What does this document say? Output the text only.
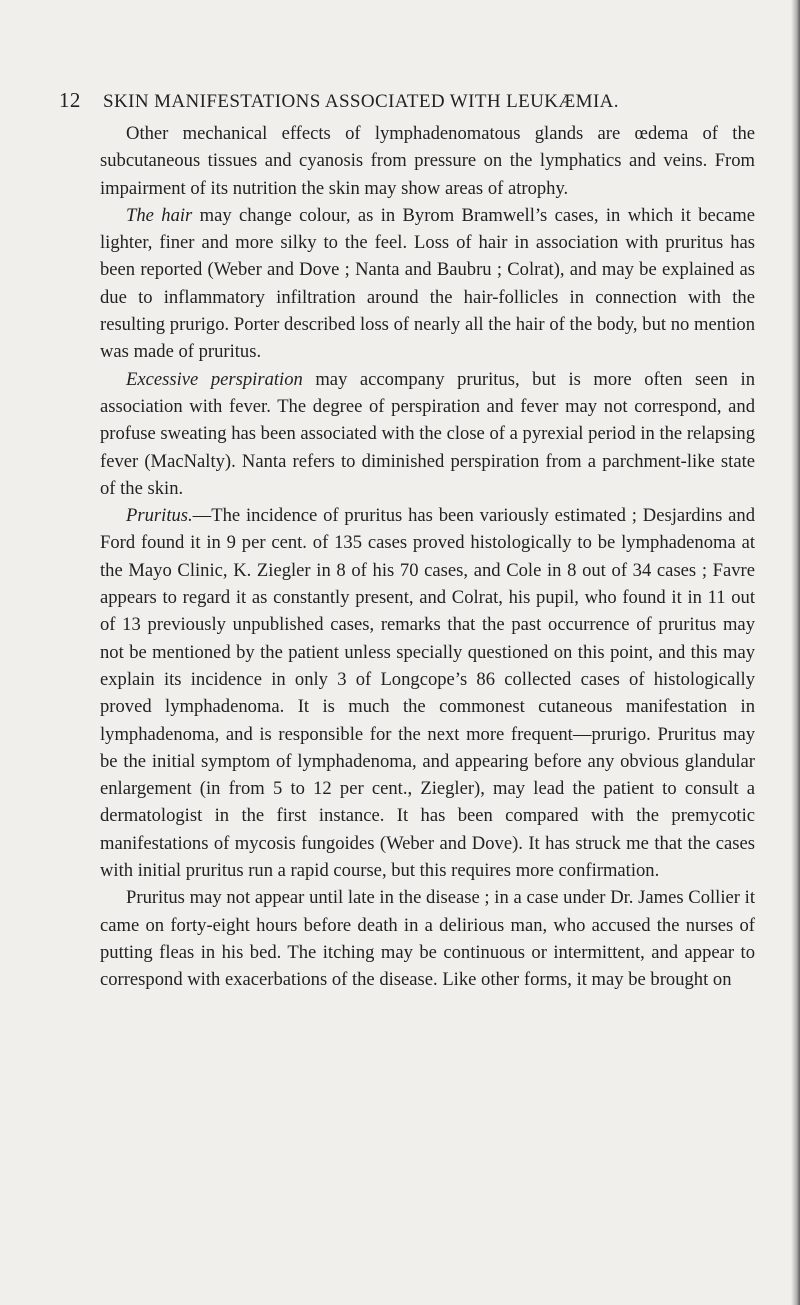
12	SKIN MANIFESTATIONS ASSOCIATED WITH LEUKÆMIA.

Other mechanical effects of lymphadenomatous glands are œdema of the subcutaneous tissues and cyanosis from pressure on the lymphatics and veins. From impairment of its nutrition the skin may show areas of atrophy.

The hair may change colour, as in Byrom Bramwell’s cases, in which it became lighter, finer and more silky to the feel. Loss of hair in association with pruritus has been reported (Weber and Dove ; Nanta and Baubru ; Colrat), and may be explained as due to inflammatory infiltration around the hair-follicles in connection with the resulting prurigo. Porter described loss of nearly all the hair of the body, but no mention was made of pruritus.

Excessive perspiration may accompany pruritus, but is more often seen in association with fever. The degree of perspiration and fever may not correspond, and profuse sweating has been associated with the close of a pyrexial period in the relapsing fever (MacNalty). Nanta refers to diminished perspiration from a parchment-like state of the skin.

Pruritus.—The incidence of pruritus has been variously estimated ; Desjardins and Ford found it in 9 per cent. of 135 cases proved histologically to be lymphadenoma at the Mayo Clinic, K. Ziegler in 8 of his 70 cases, and Cole in 8 out of 34 cases ; Favre appears to regard it as constantly present, and Colrat, his pupil, who found it in 11 out of 13 previously unpublished cases, remarks that the past occurrence of pruritus may not be mentioned by the patient unless specially questioned on this point, and this may explain its incidence in only 3 of Longcope’s 86 collected cases of histologically proved lymphadenoma. It is much the commonest cutaneous manifestation in lymphadenoma, and is responsible for the next more frequent—prurigo. Pruritus may be the initial symptom of lymphadenoma, and appearing before any obvious glandular enlargement (in from 5 to 12 per cent., Ziegler), may lead the patient to consult a dermatologist in the first instance. It has been compared with the premycotic manifestations of mycosis fungoides (Weber and Dove). It has struck me that the cases with initial pruritus run a rapid course, but this requires more confirmation.

Pruritus may not appear until late in the disease ; in a case under Dr. James Collier it came on forty-eight hours before death in a delirious man, who accused the nurses of putting fleas in his bed. The itching may be continuous or intermittent, and appear to correspond with exacerbations of the disease. Like other forms, it may be brought on
